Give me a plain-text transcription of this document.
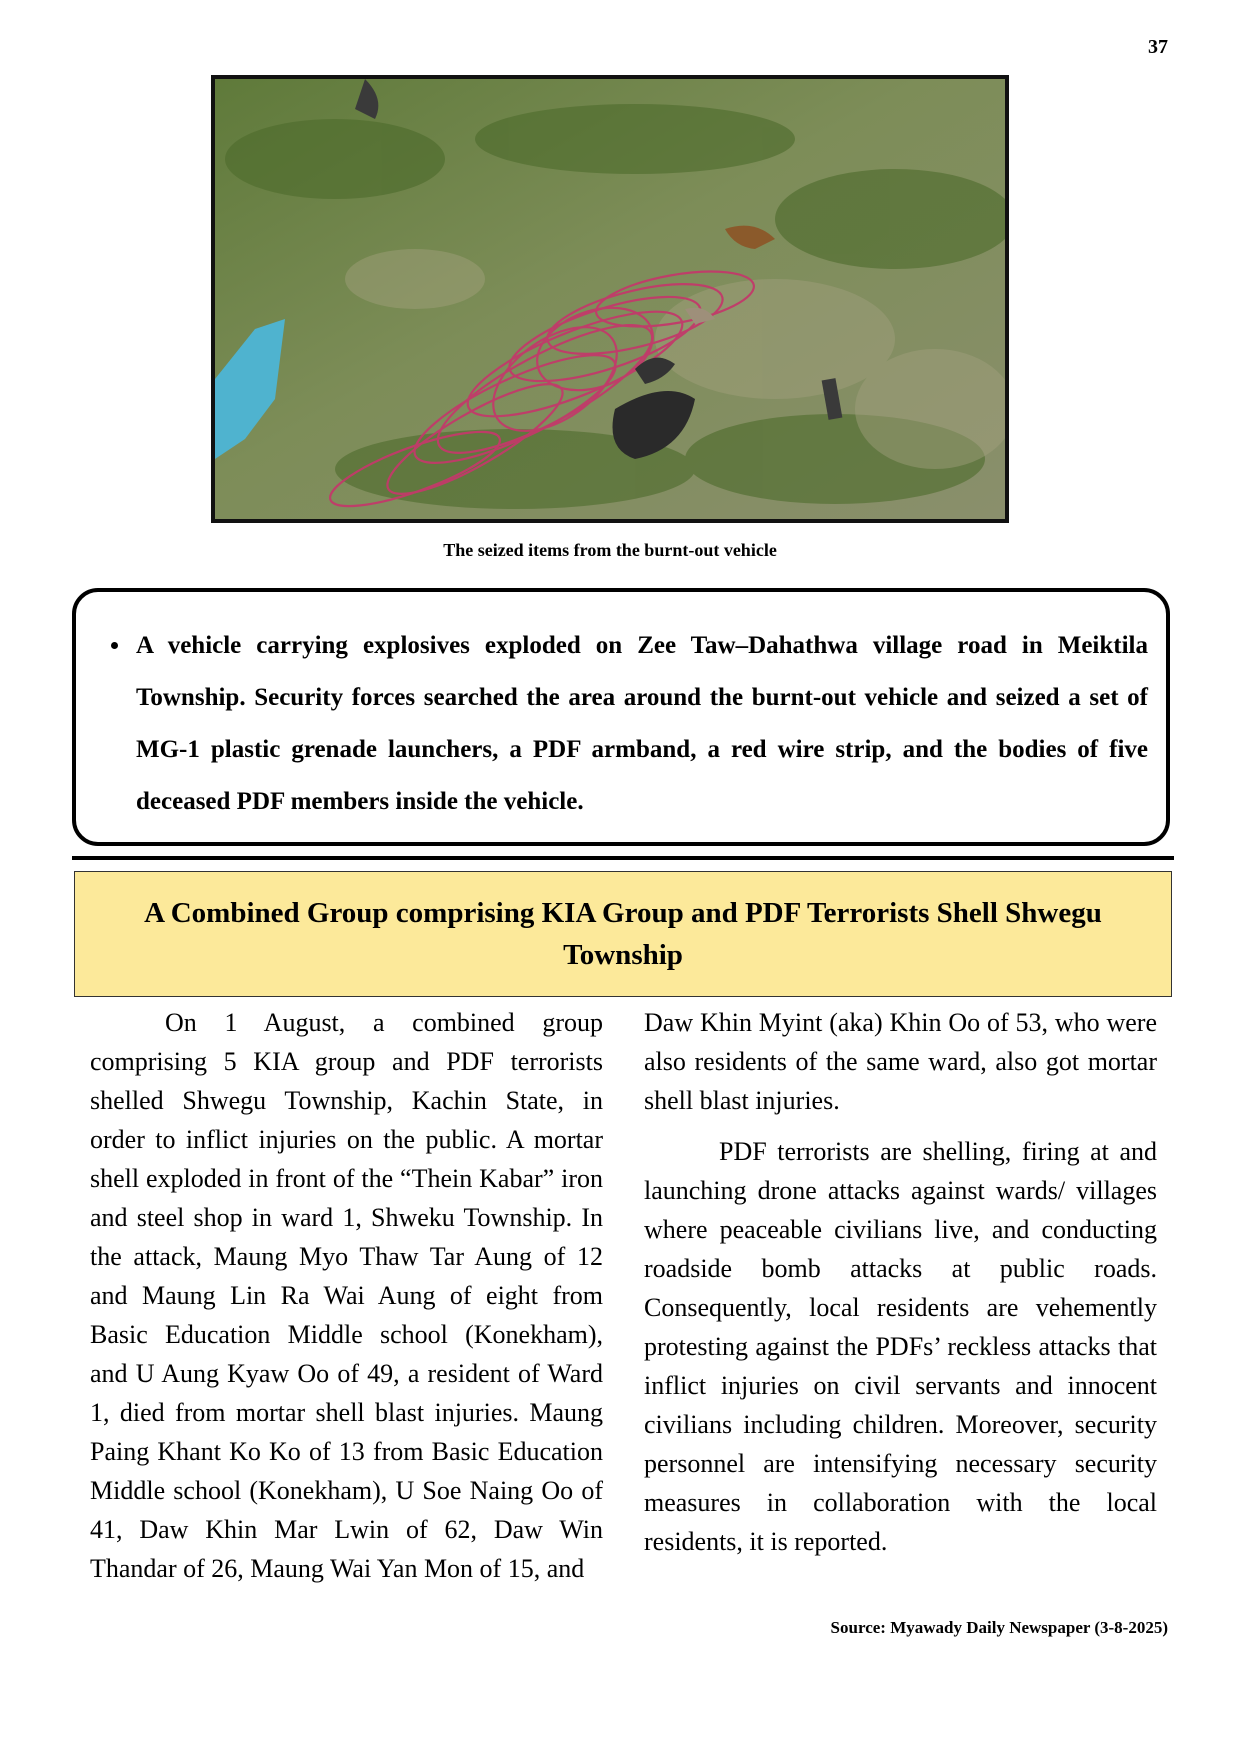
37
The seized items from the burnt-out vehicle
• A vehicle carrying explosives exploded on Zee Taw–Dahathwa village road in Meiktila Township. Security forces searched the area around the burnt-out vehicle and seized a set of MG-1 plastic grenade launchers, a PDF armband, a red wire strip, and the bodies of five deceased PDF members inside the vehicle.
A Combined Group comprising KIA Group and PDF Terrorists Shell Shwegu Township

On 1 August, a combined group comprising 5 KIA group and PDF terrorists shelled Shwegu Township, Kachin State, in order to inflict injuries on the public. A mortar shell exploded in front of the “Thein Kabar” iron and steel shop in ward 1, Shweku Township. In the attack, Maung Myo Thaw Tar Aung of 12 and Maung Lin Ra Wai Aung of eight from Basic Education Middle school (Konekham), and U Aung Kyaw Oo of 49, a resident of Ward 1, died from mortar shell blast injuries. Maung Paing Khant Ko Ko of 13 from Basic Education Middle school (Konekham), U Soe Naing Oo of 41, Daw Khin Mar Lwin of 62, Daw Win Thandar of 26, Maung Wai Yan Mon of 15, and

Daw Khin Myint (aka) Khin Oo of 53, who were also residents of the same ward, also got mortar shell blast injuries.

PDF terrorists are shelling, firing at and launching drone attacks against wards/ villages where peaceable civilians live, and conducting roadside bomb attacks at public roads. Consequently, local residents are vehemently protesting against the PDFs’ reckless attacks that inflict injuries on civil servants and innocent civilians including children. Moreover, security personnel are intensifying necessary security measures in collaboration with the local residents, it is reported.

Source: Myawady Daily Newspaper (3-8-2025)
